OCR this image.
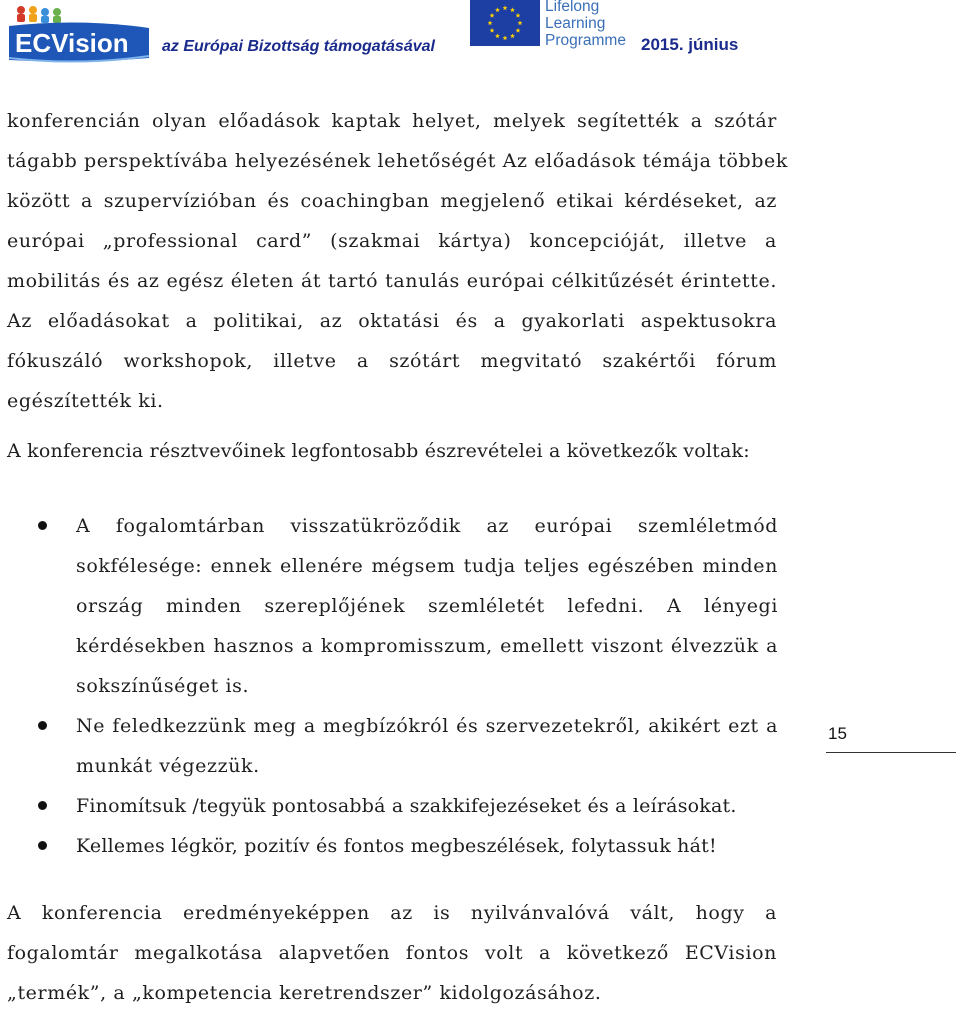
ECVision az Európai Bizottság támogatásával
Lifelong
Learning
Programme 2015. június
konferencián olyan előadások kaptak helyet, melyek segítették a szótár
tágabb perspektívába helyezésének lehetőségét Az előadások témája többek
között a szupervízióban és coachingban megjelenő etikai kérdéseket, az
európai „professional card” (szakmai kártya) koncepcióját, illetve a
mobilitás és az egész életen át tartó tanulás európai célkitűzését érintette.
Az előadásokat a politikai, az oktatási és a gyakorlati aspektusokra
fókuszáló workshopok, illetve a szótárt megvitató szakértői fórum
egészítették ki.
A konferencia résztvevőinek legfontosabb észrevételei a következők voltak:
A fogalomtárban visszatükröződik az európai szemléletmód
sokfélesége: ennek ellenére mégsem tudja teljes egészében minden
ország minden szereplőjének szemléletét lefedni. A lényegi
kérdésekben hasznos a kompromisszum, emellett viszont élvezzük a
sokszínűséget is.
Ne feledkezzünk meg a megbízókról és szervezetekről, akikért ezt a
munkát végezzük.
Finomítsuk /tegyük pontosabbá a szakkifejezéseket és a leírásokat.
Kellemes légkör, pozitív és fontos megbeszélések, folytassuk hát!
A konferencia eredményeképpen az is nyilvánvalóvá vált, hogy a
fogalomtár megalkotása alapvetően fontos volt a következő ECVision
„termék”, a „kompetencia keretrendszer” kidolgozásához.
15
